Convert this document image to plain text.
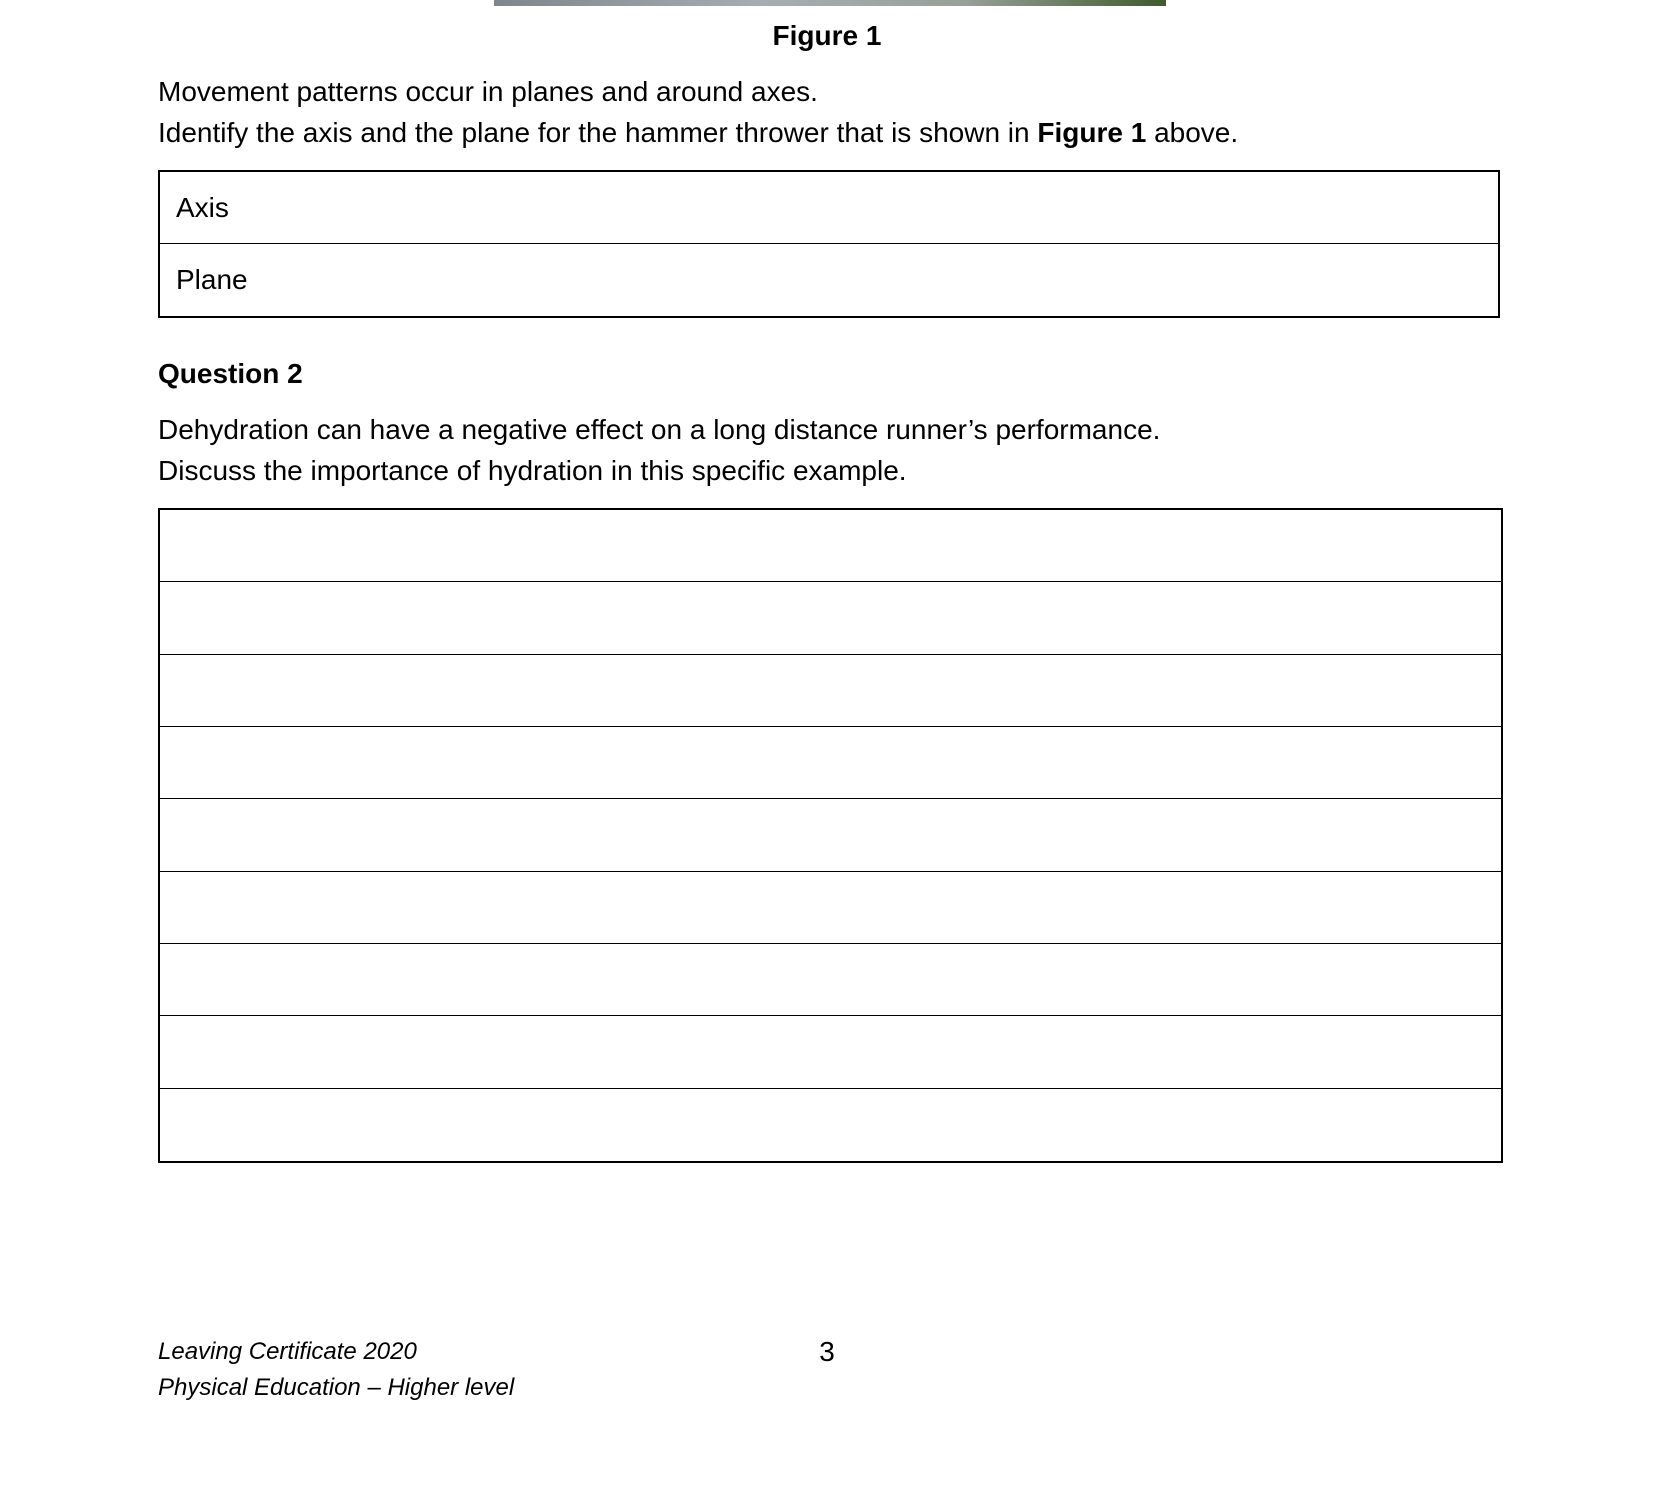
Figure 1
Movement patterns occur in planes and around axes.
Identify the axis and the plane for the hammer thrower that is shown in Figure 1 above.
Axis
Plane
Question 2
Dehydration can have a negative effect on a long distance runner’s performance.
Discuss the importance of hydration in this specific example.
Leaving Certificate 2020
Physical Education – Higher level
3
